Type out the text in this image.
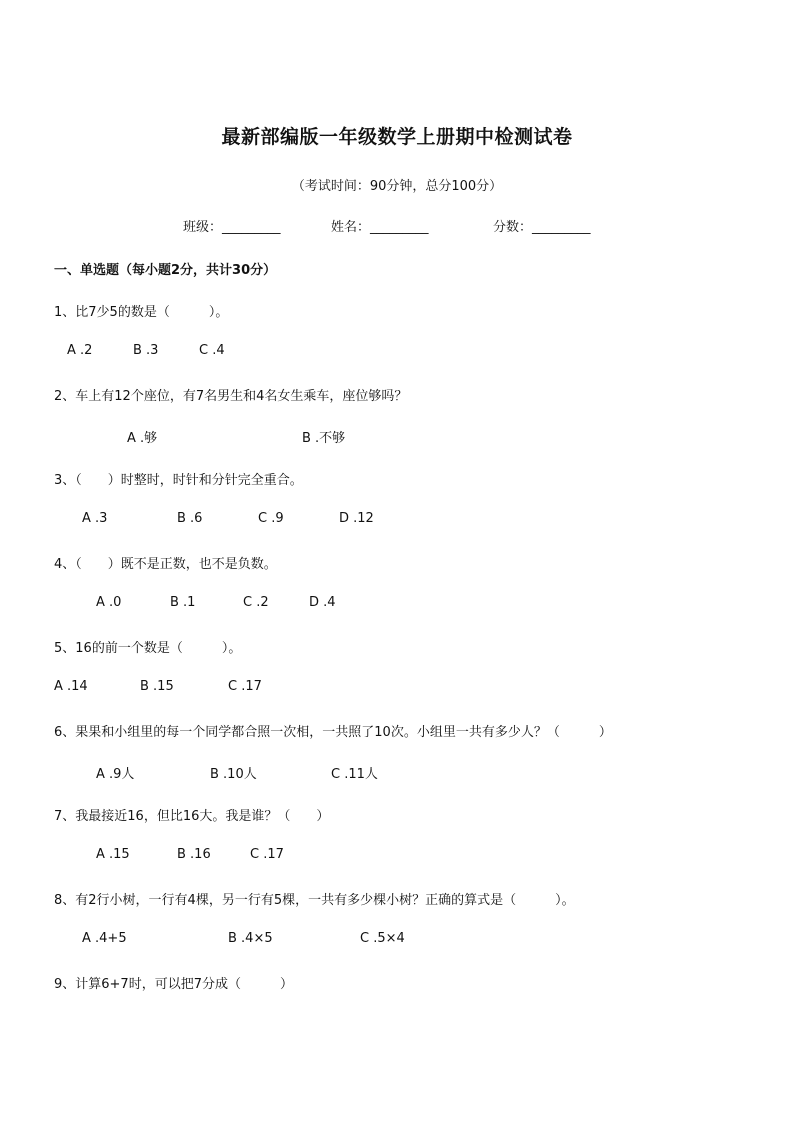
最新部编版一年级数学上册期中检测试卷
（考试时间：90分钟，总分100分）
班级：_________	姓名：_________	分数：_________
一、单选题（每小题2分，共计30分）
1、比7少5的数是（　　　）。
A .2	B .3	C .4
2、车上有12个座位，有7名男生和4名女生乘车，座位够吗？
A .够	B .不够
3、（　　）时整时，时针和分针完全重合。
A .3	B .6	C .9	D .12
4、（　　）既不是正数，也不是负数。
A .0	B .1	C .2	D .4
5、16的前一个数是（　　　）。
A .14	B .15	C .17
6、果果和小组里的每一个同学都合照一次相，一共照了10次。小组里一共有多少人？（　　　）
A .9人	B .10人	C .11人
7、我最接近16，但比16大。我是谁？（　　）
A .15	B .16	C .17
8、有2行小树，一行有4棵，另一行有5棵，一共有多少棵小树？正确的算式是（　　　）。
A .4+5	B .4×5	C .5×4
9、计算6+7时，可以把7分成（　　　）
